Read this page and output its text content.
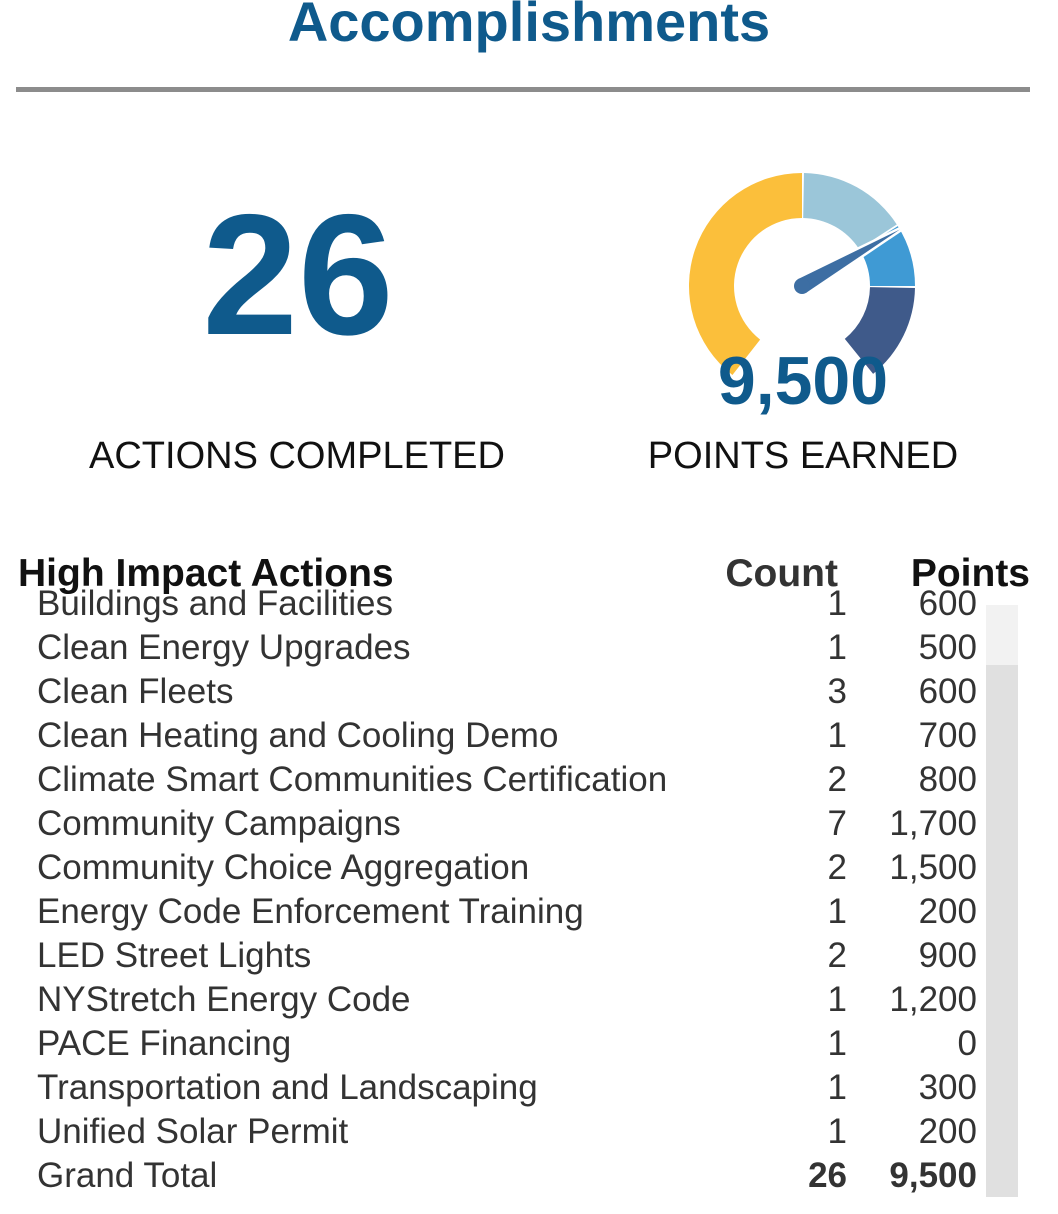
Accomplishments
26
ACTIONS COMPLETED
9,500
POINTS EARNED
High Impact Actions	Count	Points
Buildings and Facilities	1	600
Clean Energy Upgrades	1	500
Clean Fleets	3	600
Clean Heating and Cooling Demo	1	700
Climate Smart Communities Certification	2	800
Community Campaigns	7	1,700
Community Choice Aggregation	2	1,500
Energy Code Enforcement Training	1	200
LED Street Lights	2	900
NYStretch Energy Code	1	1,200
PACE Financing	1	0
Transportation and Landscaping	1	300
Unified Solar Permit	1	200
Grand Total	26	9,500
